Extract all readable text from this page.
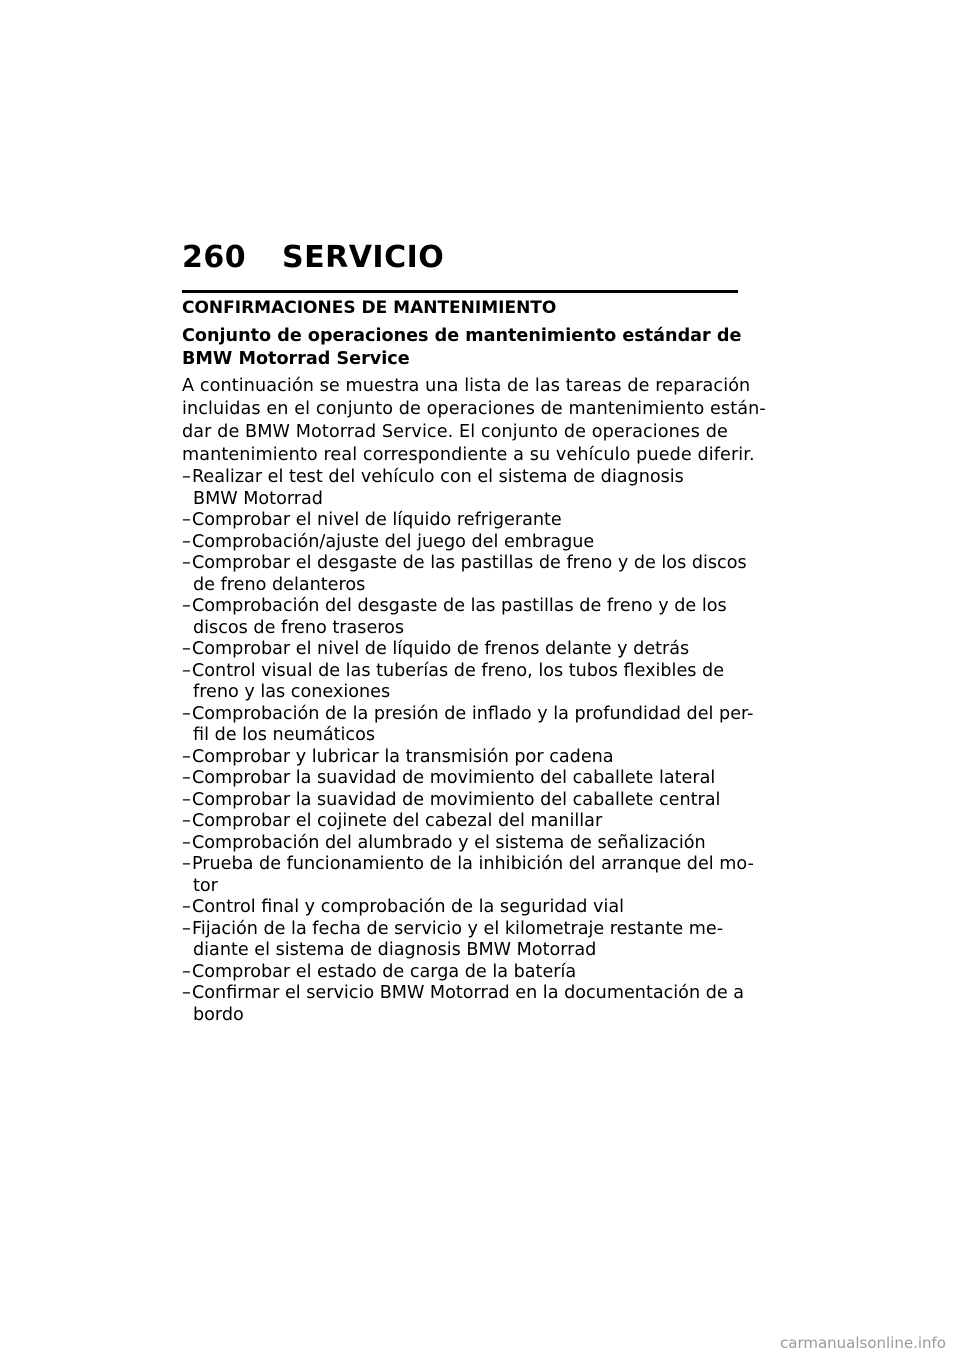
260	SERVICIO
CONFIRMACIONES DE MANTENIMIENTO
Conjunto de operaciones de mantenimiento estándar de
BMW Motorrad Service

A continuación se muestra una lista de las tareas de reparación
incluidas en el conjunto de operaciones de mantenimiento están-
dar de BMW Motorrad Service. El conjunto de operaciones de
mantenimiento real correspondiente a su vehículo puede diferir.

– Realizar el test del vehículo con el sistema de diagnosis
BMW Motorrad
– Comprobar el nivel de líquido refrigerante
– Comprobación/ajuste del juego del embrague
– Comprobar el desgaste de las pastillas de freno y de los discos
de freno delanteros
– Comprobación del desgaste de las pastillas de freno y de los
discos de freno traseros
– Comprobar el nivel de líquido de frenos delante y detrás
– Control visual de las tuberías de freno, los tubos flexibles de
freno y las conexiones
– Comprobación de la presión de inflado y la profundidad del per-
fil de los neumáticos
– Comprobar y lubricar la transmisión por cadena
– Comprobar la suavidad de movimiento del caballete lateral
– Comprobar la suavidad de movimiento del caballete central
– Comprobar el cojinete del cabezal del manillar
– Comprobación del alumbrado y el sistema de señalización
– Prueba de funcionamiento de la inhibición del arranque del mo-
tor
– Control final y comprobación de la seguridad vial
– Fijación de la fecha de servicio y el kilometraje restante me-
diante el sistema de diagnosis BMW Motorrad
– Comprobar el estado de carga de la batería
– Confirmar el servicio BMW Motorrad en la documentación de a
bordo
carmanualsonline.info
